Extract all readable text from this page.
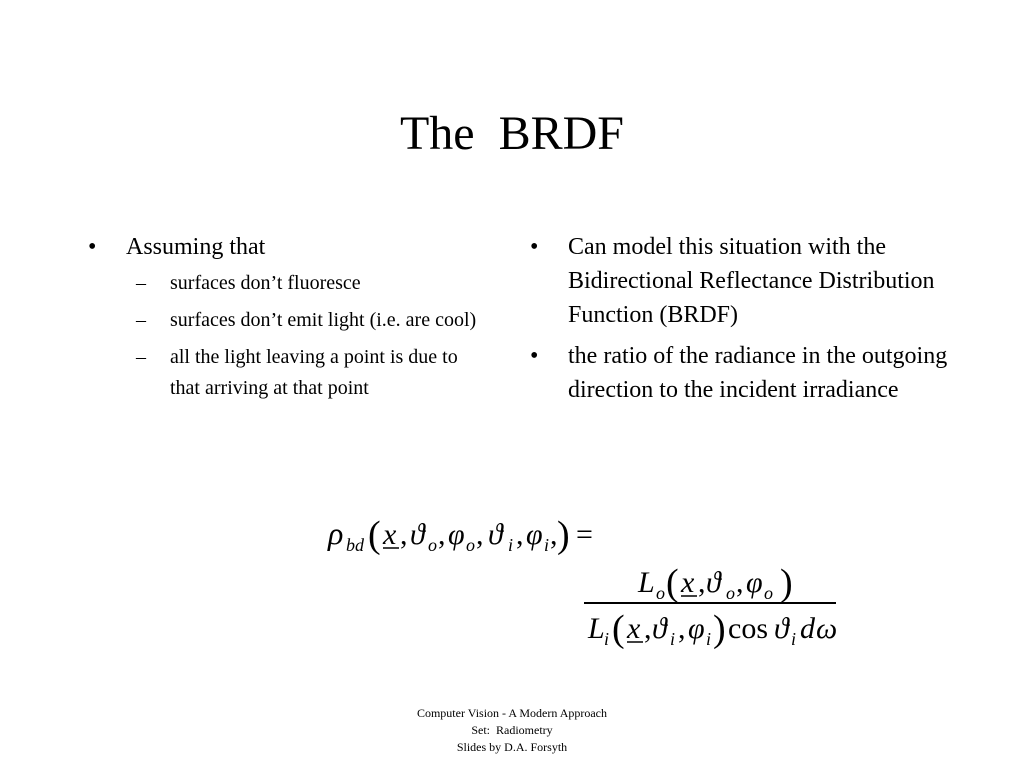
The  BRDF
•	Assuming that
–	surfaces don’t fluoresce
–	surfaces don’t emit light (i.e. are cool)
–	all the light leaving a point is due to that arriving at that point
•	Can model this situation with the Bidirectional Reflectance Distribution Function (BRDF)
•	the ratio of the radiance in the outgoing direction to the incident irradiance
ρ bd ( x , ϑ o , φ o , ϑ i , φ i , ) =
L o ( x , ϑ o , φ o )
L i ( x , ϑ i , φ i ) cos ϑ i d ω
Computer Vision - A Modern Approach
Set:  Radiometry
Slides by D.A. Forsyth
